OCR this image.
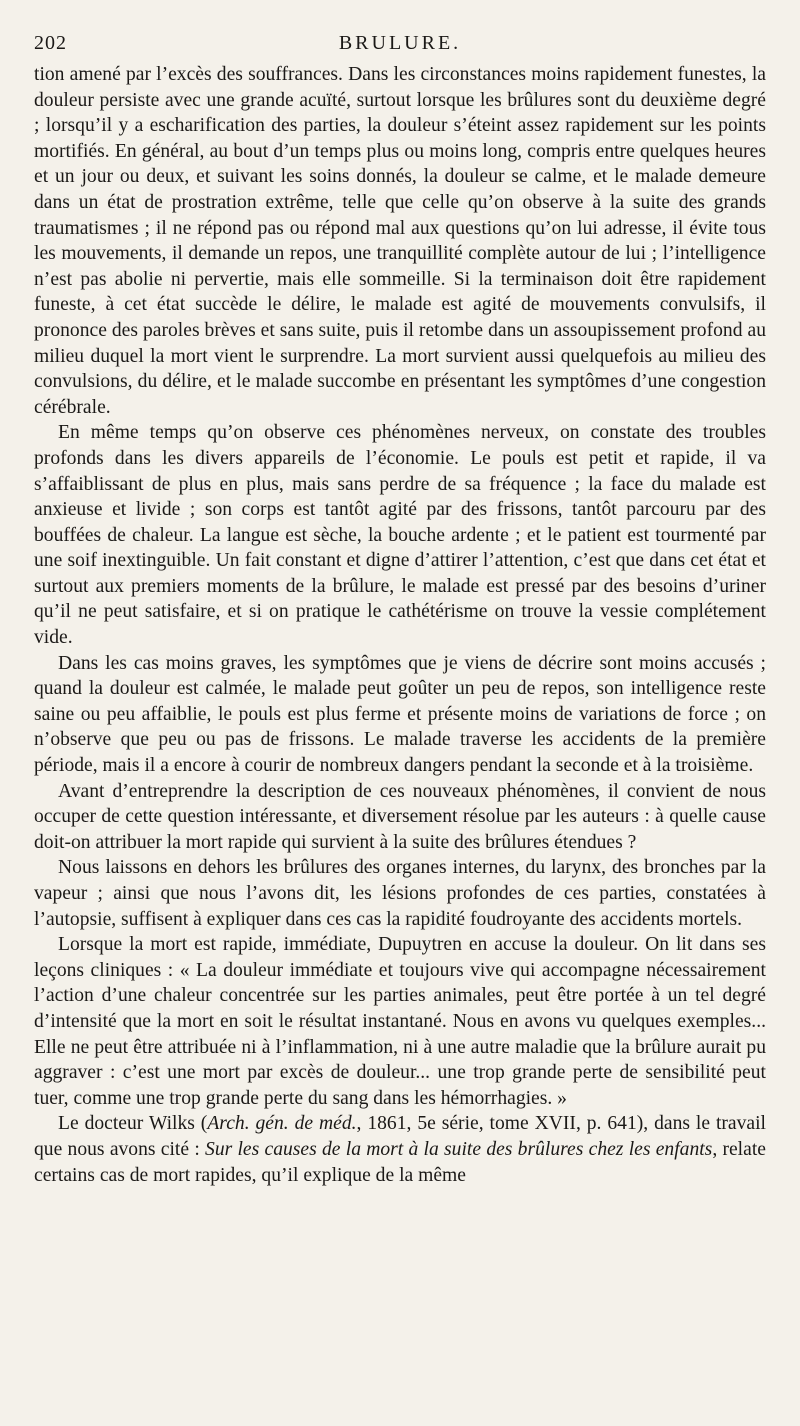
202	BRULURE.

tion amené par l’excès des souffrances. Dans les circonstances moins rapidement funestes, la douleur persiste avec une grande acuïté, surtout lorsque les brûlures sont du deuxième degré ; lorsqu’il y a escharification des parties, la douleur s’éteint assez rapidement sur les points mortifiés. En général, au bout d’un temps plus ou moins long, compris entre quelques heures et un jour ou deux, et suivant les soins donnés, la douleur se calme, et le malade demeure dans un état de prostration extrême, telle que celle qu’on observe à la suite des grands traumatismes ; il ne répond pas ou répond mal aux questions qu’on lui adresse, il évite tous les mouvements, il demande un repos, une tranquillité complète autour de lui ; l’intelligence n’est pas abolie ni pervertie, mais elle sommeille. Si la terminaison doit être rapidement funeste, à cet état succède le délire, le malade est agité de mouvements convulsifs, il prononce des paroles brèves et sans suite, puis il retombe dans un assoupissement profond au milieu duquel la mort vient le surprendre. La mort survient aussi quelquefois au milieu des convulsions, du délire, et le malade succombe en présentant les symptômes d’une congestion cérébrale.

En même temps qu’on observe ces phénomènes nerveux, on constate des troubles profonds dans les divers appareils de l’économie. Le pouls est petit et rapide, il va s’affaiblissant de plus en plus, mais sans perdre de sa fréquence ; la face du malade est anxieuse et livide ; son corps est tantôt agité par des frissons, tantôt parcouru par des bouffées de chaleur. La langue est sèche, la bouche ardente ; et le patient est tourmenté par une soif inextinguible. Un fait constant et digne d’attirer l’attention, c’est que dans cet état et surtout aux premiers moments de la brûlure, le malade est pressé par des besoins d’uriner qu’il ne peut satisfaire, et si on pratique le cathétérisme on trouve la vessie complétement vide.

Dans les cas moins graves, les symptômes que je viens de décrire sont moins accusés ; quand la douleur est calmée, le malade peut goûter un peu de repos, son intelligence reste saine ou peu affaiblie, le pouls est plus ferme et présente moins de variations de force ; on n’observe que peu ou pas de frissons. Le malade traverse les accidents de la première période, mais il a encore à courir de nombreux dangers pendant la seconde et à la troisième.

Avant d’entreprendre la description de ces nouveaux phénomènes, il convient de nous occuper de cette question intéressante, et diversement résolue par les auteurs : à quelle cause doit-on attribuer la mort rapide qui survient à la suite des brûlures étendues ?

Nous laissons en dehors les brûlures des organes internes, du larynx, des bronches par la vapeur ; ainsi que nous l’avons dit, les lésions profondes de ces parties, constatées à l’autopsie, suffisent à expliquer dans ces cas la rapidité foudroyante des accidents mortels.

Lorsque la mort est rapide, immédiate, Dupuytren en accuse la douleur. On lit dans ses leçons cliniques : « La douleur immédiate et toujours vive qui accompagne nécessairement l’action d’une chaleur concentrée sur les parties animales, peut être portée à un tel degré d’intensité que la mort en soit le résultat instantané. Nous en avons vu quelques exemples... Elle ne peut être attribuée ni à l’inflammation, ni à une autre maladie que la brûlure aurait pu aggraver : c’est une mort par excès de douleur... une trop grande perte de sensibilité peut tuer, comme une trop grande perte du sang dans les hémorrhagies. »

Le docteur Wilks (Arch. gén. de méd., 1861, 5e série, tome XVII, p. 641), dans le travail que nous avons cité : Sur les causes de la mort à la suite des brûlures chez les enfants, relate certains cas de mort rapides, qu’il explique de la même
